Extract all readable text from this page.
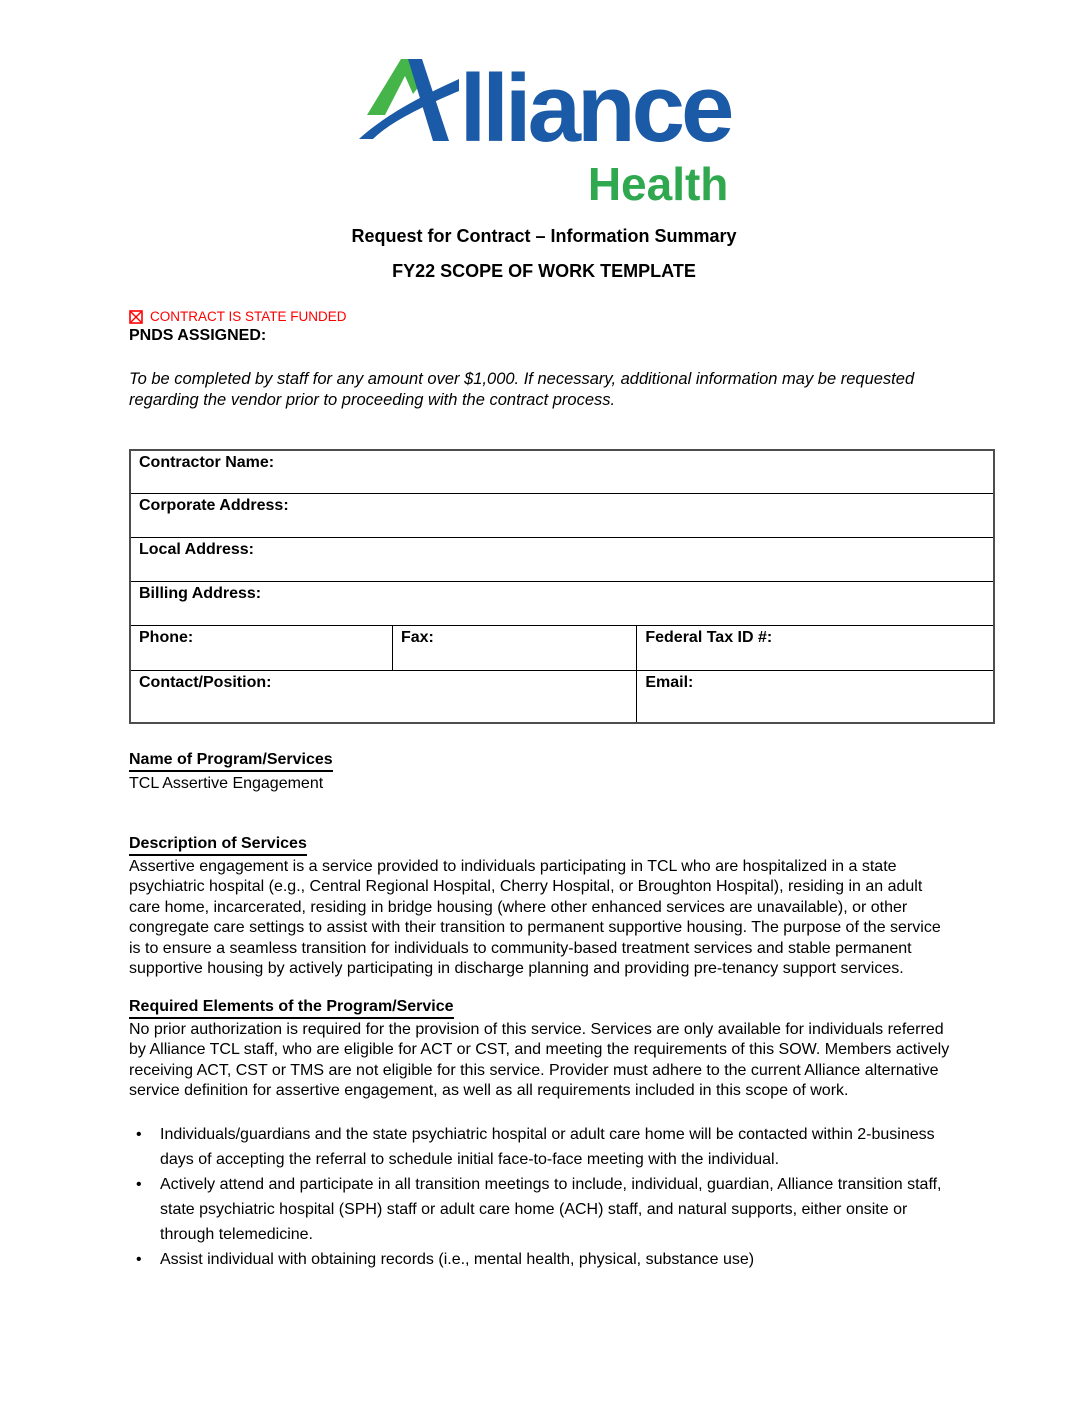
lliance
Health
Request for Contract – Information Summary
FY22 SCOPE OF WORK TEMPLATE
CONTRACT IS STATE FUNDED
PNDS ASSIGNED:

To be completed by staff for any amount over $1,000. If necessary, additional information may be requested regarding the vendor prior to proceeding with the contract process.

Contractor Name:		
Corporate Address:		
Local Address:		
Billing Address:		
Phone:	Fax:	Federal Tax ID #:
Contact/Position:		Email:
Name of Program/Services
TCL Assertive Engagement
Description of Services

Assertive engagement is a service provided to individuals participating in TCL who are hospitalized in a state psychiatric hospital (e.g., Central Regional Hospital, Cherry Hospital, or Broughton Hospital), residing in an adult care home, incarcerated, residing in bridge housing (where other enhanced services are unavailable), or other congregate care settings to assist with their transition to permanent supportive housing. The purpose of the service is to ensure a seamless transition for individuals to community-based treatment services and stable permanent supportive housing by actively participating in discharge planning and providing pre-tenancy support services.

Required Elements of the Program/Service

No prior authorization is required for the provision of this service. Services are only available for individuals referred by Alliance TCL staff, who are eligible for ACT or CST, and meeting the requirements of this SOW. Members actively receiving ACT, CST or TMS are not eligible for this service. Provider must adhere to the current Alliance alternative service definition for assertive engagement, as well as all requirements included in this scope of work.

• Individuals/guardians and the state psychiatric hospital or adult care home will be contacted within 2-business days of accepting the referral to schedule initial face-to-face meeting with the individual.
• Actively attend and participate in all transition meetings to include, individual, guardian, Alliance transition staff, state psychiatric hospital (SPH) staff or adult care home (ACH) staff, and natural supports, either onsite or through telemedicine.
• Assist individual with obtaining records (i.e., mental health, physical, substance use)
